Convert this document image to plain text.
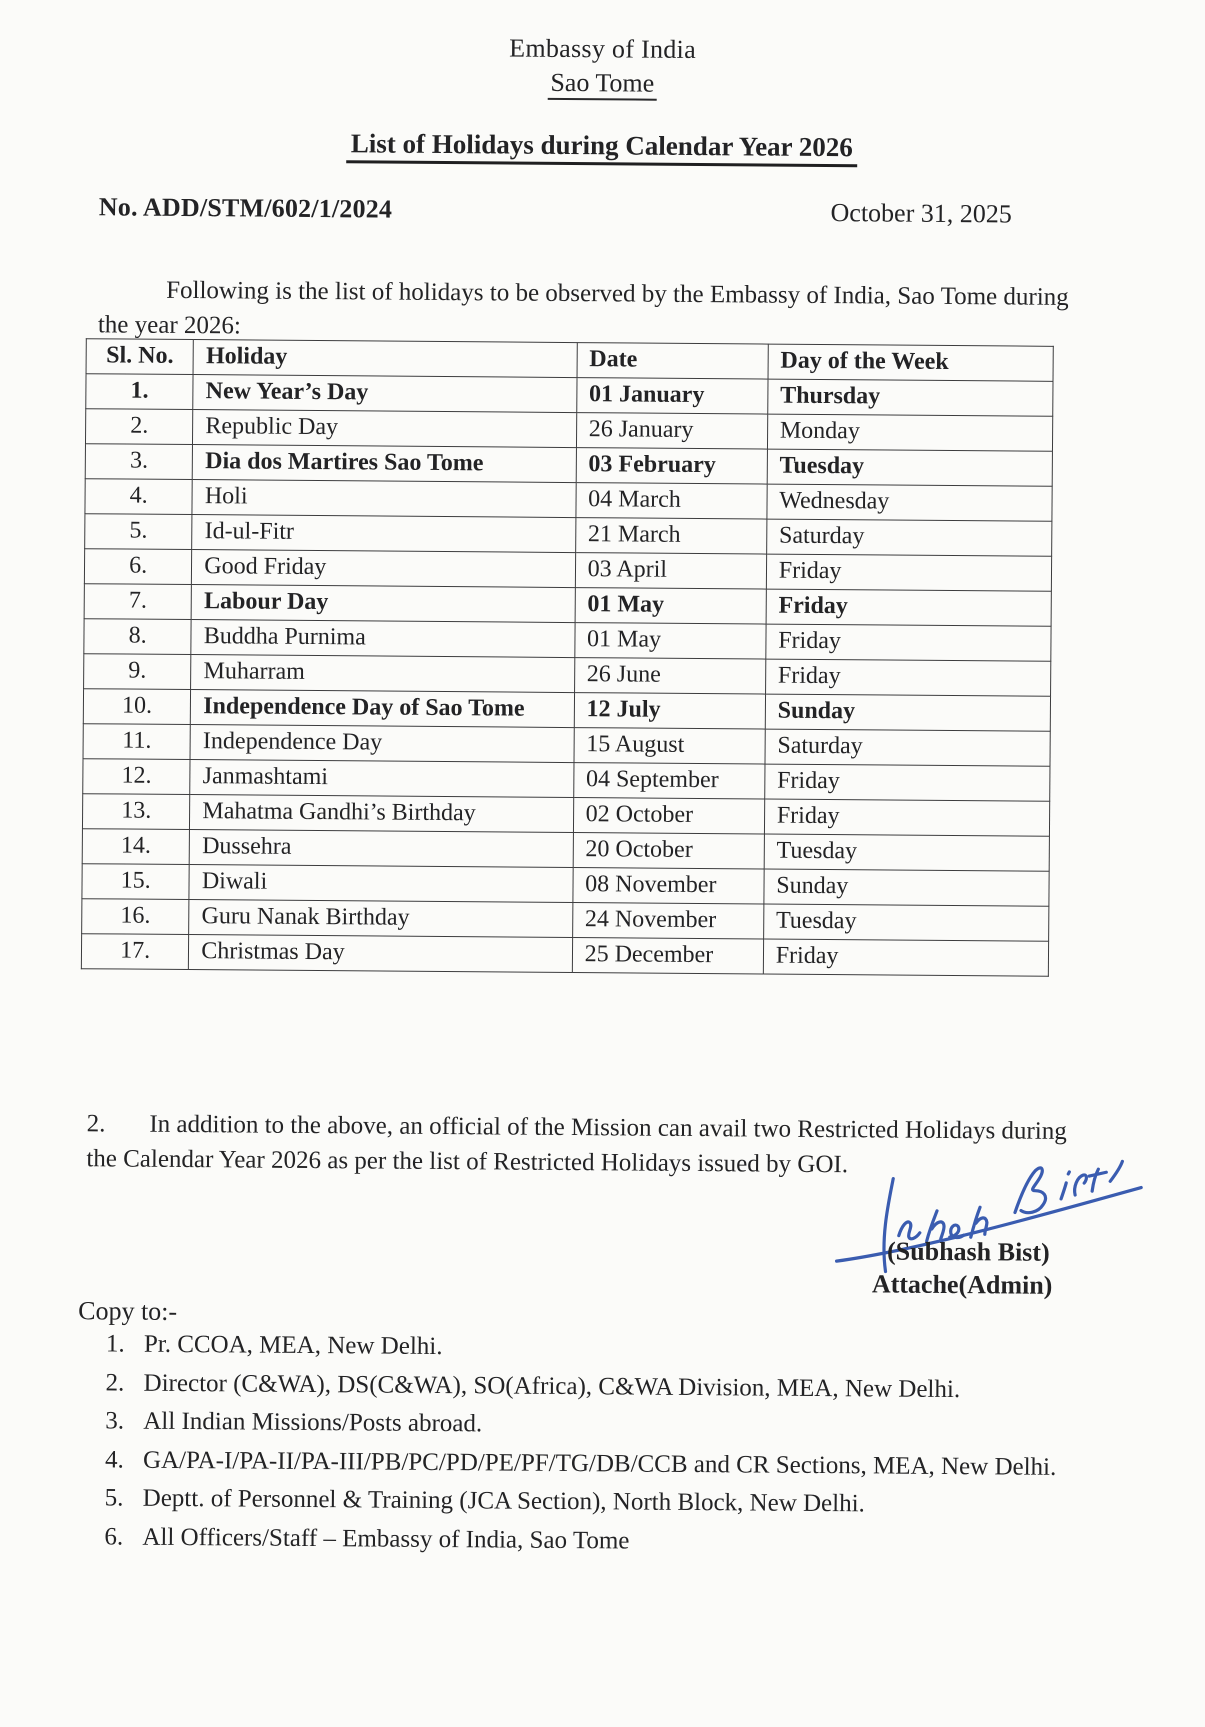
Embassy of India
Sao Tome
List of Holidays during Calendar Year 2026
No. ADD/STM/602/1/2024	October 31, 2025

Following is the list of holidays to be observed by the Embassy of India, Sao Tome during the year 2026:

Sl. No.	Holiday	Date	Day of the Week
1.	New Year’s Day	01 January	Thursday
2.	Republic Day	26 January	Monday
3.	Dia dos Martires Sao Tome	03 February	Tuesday
4.	Holi	04 March	Wednesday
5.	Id-ul-Fitr	21 March	Saturday
6.	Good Friday	03 April	Friday
7.	Labour Day	01 May	Friday
8.	Buddha Purnima	01 May	Friday
9.	Muharram	26 June	Friday
10.	Independence Day of Sao Tome	12 July	Sunday
11.	Independence Day	15 August	Saturday
12.	Janmashtami	04 September	Friday
13.	Mahatma Gandhi’s Birthday	02 October	Friday
14.	Dussehra	20 October	Tuesday
15.	Diwali	08 November	Sunday
16.	Guru Nanak Birthday	24 November	Tuesday
17.	Christmas Day	25 December	Friday

2. In addition to the above, an official of the Mission can avail two Restricted Holidays during the Calendar Year 2026 as per the list of Restricted Holidays issued by GOI.

(Subhash Bist)
Attache(Admin)
Copy to:-
1. Pr. CCOA, MEA, New Delhi.
2. Director (C&WA), DS(C&WA), SO(Africa), C&WA Division, MEA, New Delhi.
3. All Indian Missions/Posts abroad.
4. GA/PA-I/PA-II/PA-III/PB/PC/PD/PE/PF/TG/DB/CCB and CR Sections, MEA, New Delhi.
5. Deptt. of Personnel & Training (JCA Section), North Block, New Delhi.
6. All Officers/Staff – Embassy of India, Sao Tome
